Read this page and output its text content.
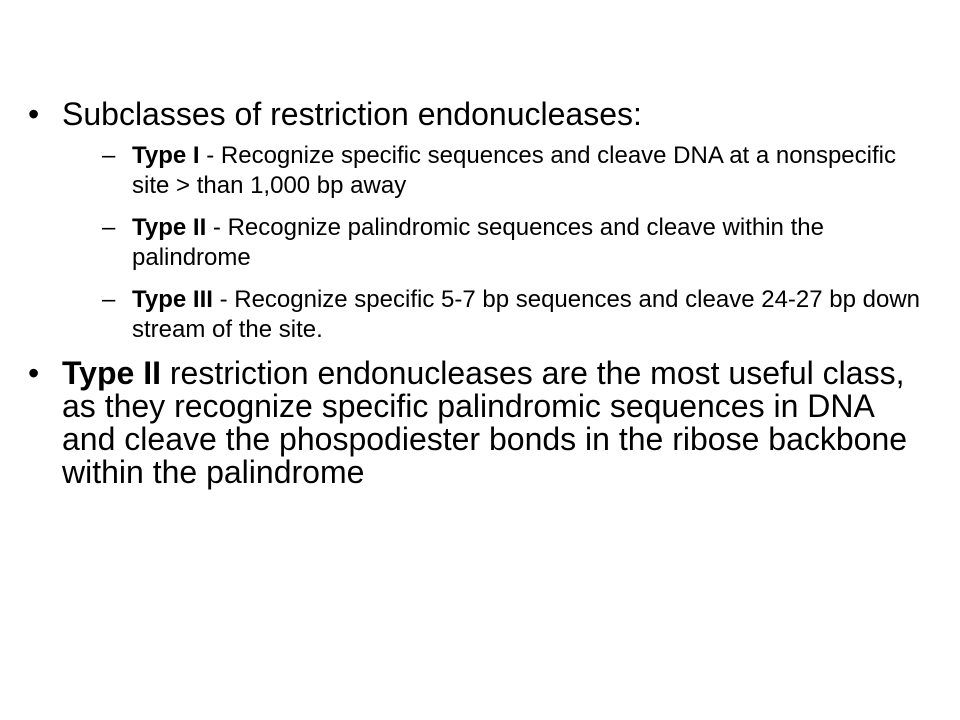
• Subclasses of restriction endonucleases:
– Type I - Recognize specific sequences and cleave DNA at a nonspecific site > than 1,000 bp away
– Type II - Recognize palindromic sequences and cleave within the palindrome
– Type III - Recognize specific 5-7 bp sequences and cleave 24-27 bp down stream of the site.
• Type II restriction endonucleases are the most useful class, as they recognize specific palindromic sequences in DNA and cleave the phospodiester bonds in the ribose backbone within the palindrome
